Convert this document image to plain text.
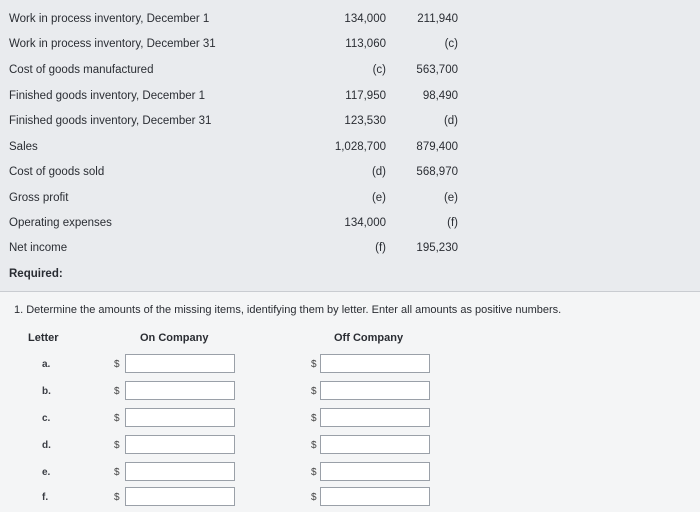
Work in process inventory, December 1	134,000	211,940
Work in process inventory, December 31	113,060	(c)
Cost of goods manufactured	(c)	563,700
Finished goods inventory, December 1	117,950	98,490
Finished goods inventory, December 31	123,530	(d)
Sales	1,028,700	879,400
Cost of goods sold	(d)	568,970
Gross profit	(e)	(e)
Operating expenses	134,000	(f)
Net income	(f)	195,230
Required:
1. Determine the amounts of the missing items, identifying them by letter. Enter all amounts as positive numbers.
Letter	On Company	Off Company
a.	$	$
b.	$	$
c.	$	$
d.	$	$
e.	$	$
f.	$	$
